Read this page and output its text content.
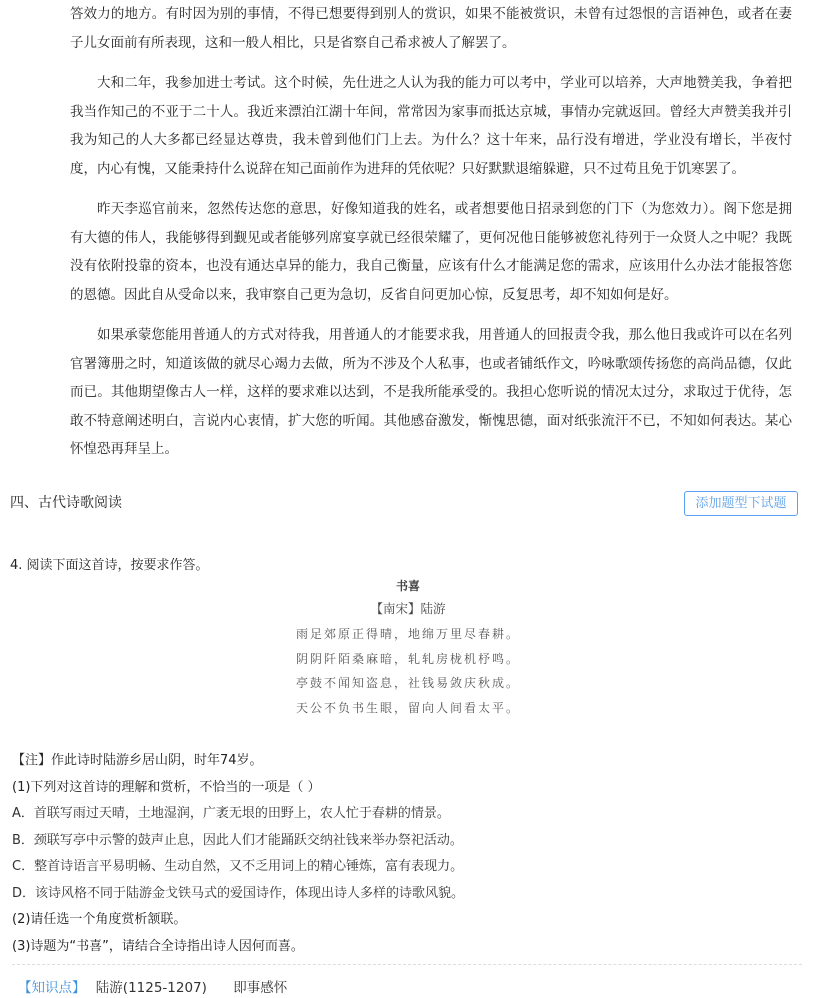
答效力的地方。有时因为别的事情，不得已想要得到别人的赏识，如果不能被赏识，未曾有过怨恨的言语神色，或者在妻子儿女面前有所表现，这和一般人相比，只是省察自己希求被人了解罢了。

大和二年，我参加进士考试。这个时候，先仕进之人认为我的能力可以考中，学业可以培养，大声地赞美我，争着把我当作知己的不亚于二十人。我近来漂泊江湖十年间，常常因为家事而抵达京城，事情办完就返回。曾经大声赞美我并引我为知己的人大多都已经显达尊贵，我未曾到他们门上去。为什么？这十年来，品行没有增进，学业没有增长，半夜忖度，内心有愧，又能秉持什么说辞在知己面前作为进拜的凭依呢？只好默默退缩躲避，只不过苟且免于饥寒罢了。

昨天李巡官前来，忽然传达您的意思，好像知道我的姓名，或者想要他日招录到您的门下（为您效力）。阁下您是拥有大德的伟人，我能够得到觐见或者能够列席宴享就已经很荣耀了，更何况他日能够被您礼待列于一众贤人之中呢？我既没有依附投靠的资本，也没有通达卓异的能力，我自己衡量，应该有什么才能满足您的需求，应该用什么办法才能报答您的恩德。因此自从受命以来，我审察自己更为急切，反省自问更加心惊，反复思考，却不知如何是好。

如果承蒙您能用普通人的方式对待我，用普通人的才能要求我，用普通人的回报责令我，那么他日我或许可以在名列官署簿册之时，知道该做的就尽心竭力去做，所为不涉及个人私事，也或者铺纸作文，吟咏歌颂传扬您的高尚品德，仅此而已。其他期望像古人一样，这样的要求难以达到，不是我所能承受的。我担心您听说的情况太过分，求取过于优待，怎敢不特意阐述明白，言说内心衷情，扩大您的听闻。其他感奋激发，惭愧思德，面对纸张流汗不已，不知如何表达。某心怀惶恐再拜呈上。

四、古代诗歌阅读	添加题型下试题
4. 阅读下面这首诗，按要求作答。
书喜
【南宋】陆游
雨足郊原正得晴，地绵万里尽春耕。
阴阴阡陌桑麻暗，轧轧房栊机杼鸣。
亭鼓不闻知盗息，社钱易敛庆秋成。
天公不负书生眼，留向人间看太平。
【注】作此诗时陆游乡居山阴，时年74岁。
(1)下列对这首诗的理解和赏析，不恰当的一项是（ ）
A．首联写雨过天晴，土地湿润，广袤无垠的田野上，农人忙于春耕的情景。
B．颈联写亭中示警的鼓声止息，因此人们才能踊跃交纳社钱来举办祭祀活动。
C．整首诗语言平易明畅、生动自然，又不乏用词上的精心锤炼，富有表现力。
D．该诗风格不同于陆游金戈铁马式的爱国诗作，体现出诗人多样的诗歌风貌。
(2)请任选一个角度赏析颔联。
(3)诗题为“书喜”，请结合全诗指出诗人因何而喜。
【知识点】 陆游(1125-1207) 即事感怀
